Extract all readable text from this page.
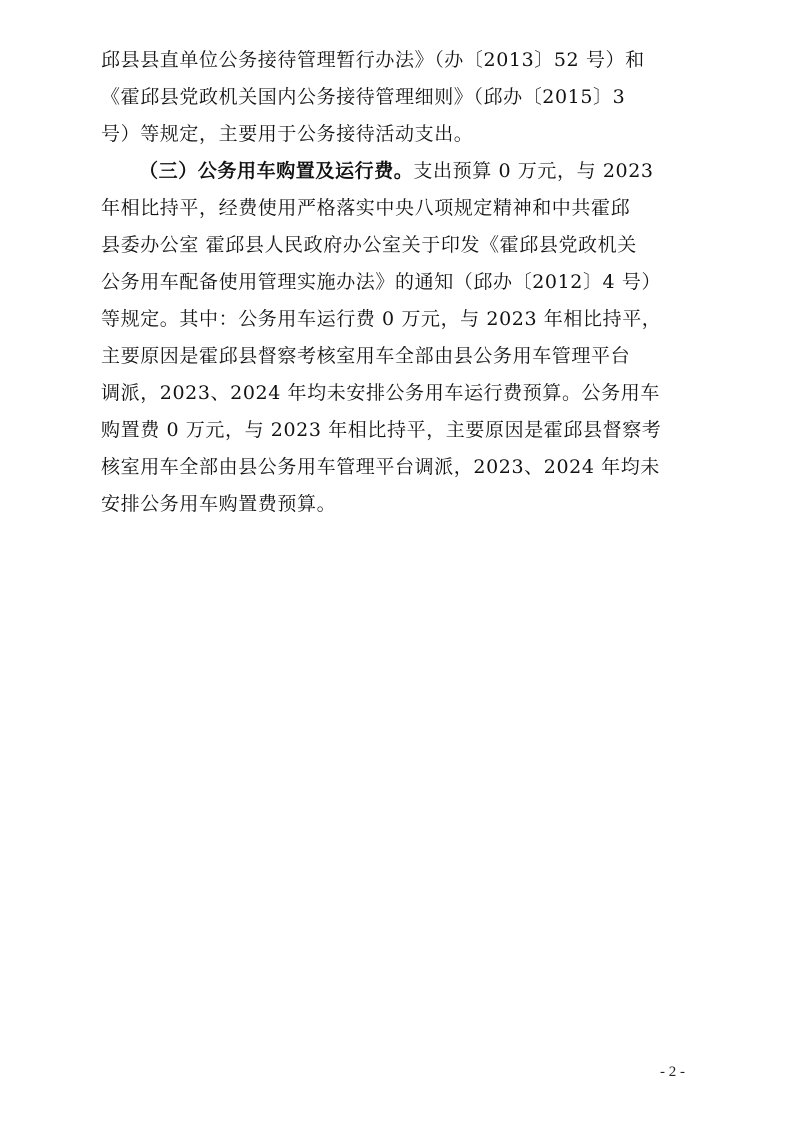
邱县县直单位公务接待管理暂行办法》（办〔2013〕52 号）和
《霍邱县党政机关国内公务接待管理细则》（邱办〔2015〕3
号）等规定，主要用于公务接待活动支出。
（三）公务用车购置及运行费。支出预算 0 万元，与 2023
年相比持平，经费使用严格落实中央八项规定精神和中共霍邱
县委办公室 霍邱县人民政府办公室关于印发《霍邱县党政机关
公务用车配备使用管理实施办法》的通知（邱办〔2012〕4 号）
等规定。其中：公务用车运行费 0 万元，与 2023 年相比持平，
主要原因是霍邱县督察考核室用车全部由县公务用车管理平台
调派，2023、2024 年均未安排公务用车运行费预算。公务用车
购置费 0 万元，与 2023 年相比持平，主要原因是霍邱县督察考
核室用车全部由县公务用车管理平台调派，2023、2024 年均未
安排公务用车购置费预算。
- 2 -
